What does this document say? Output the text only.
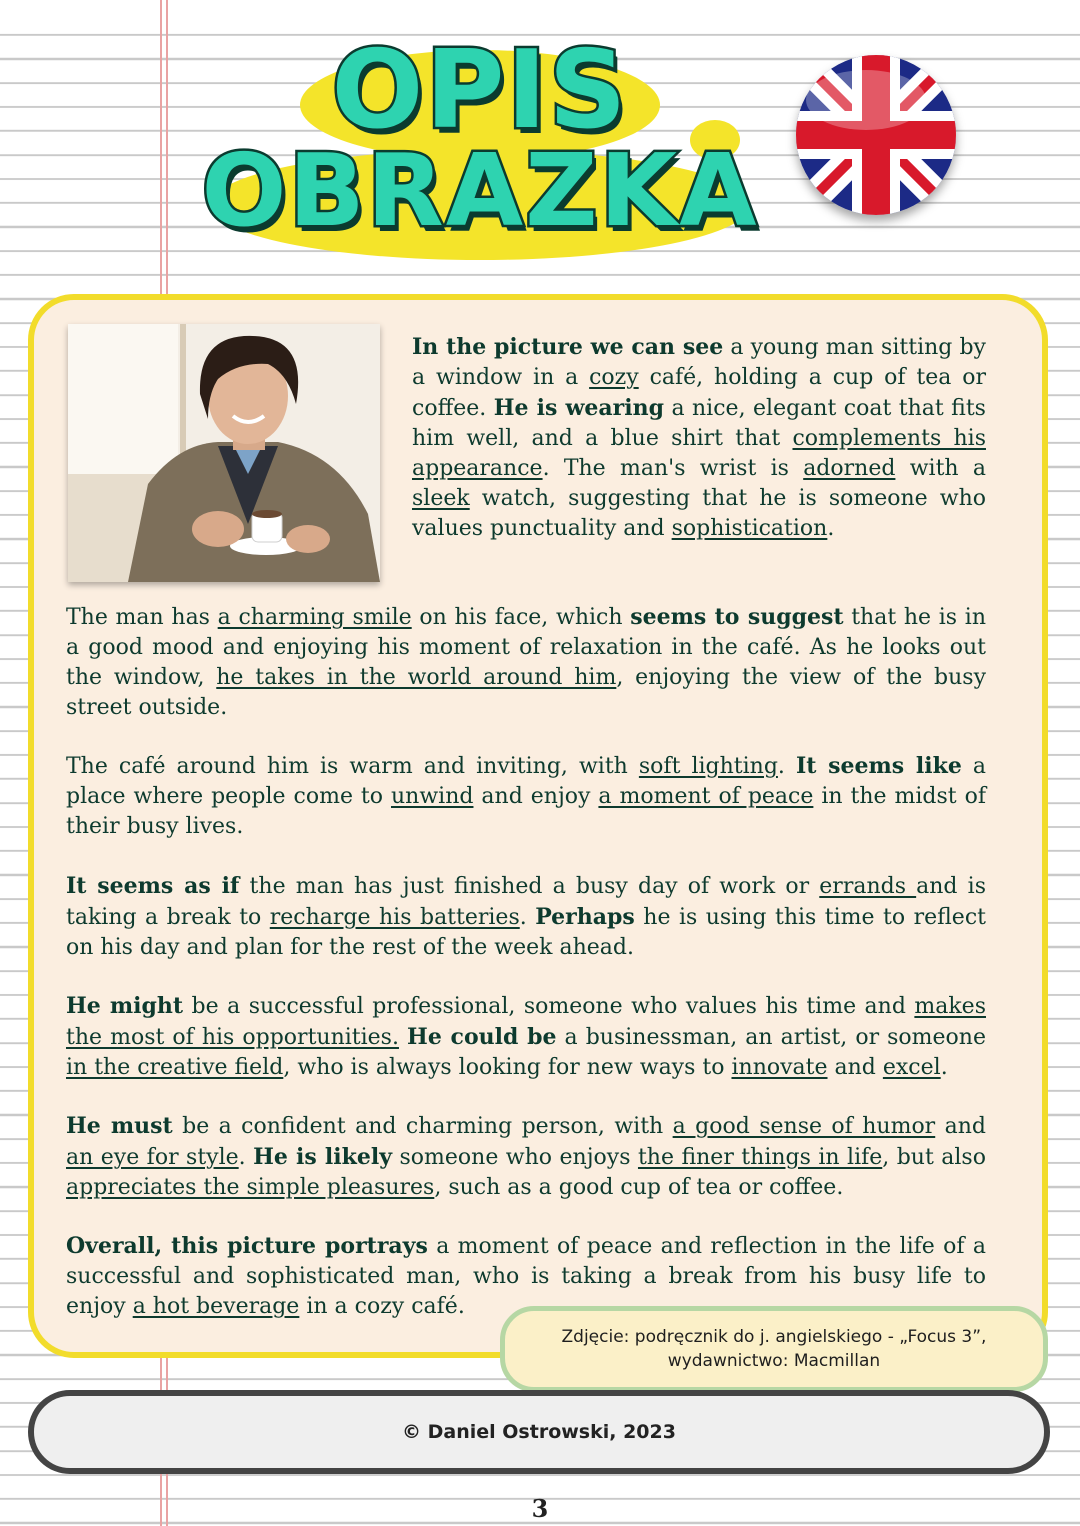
OPIS
OBRAZKA

In the picture we can see a young man sitting by a window in a cozy café, holding a cup of tea or coffee. He is wearing a nice, elegant coat that fits him well, and a blue shirt that complements his appearance. The man's wrist is adorned with a sleek watch, suggesting that he is someone who values punctuality and sophistication.

The man has a charming smile on his face, which seems to suggest that he is in a good mood and enjoying his moment of relaxation in the café. As he looks out the window, he takes in the world around him, enjoying the view of the busy street outside.

The café around him is warm and inviting, with soft lighting. It seems like a place where people come to unwind and enjoy a moment of peace in the midst of their busy lives.

It seems as if the man has just finished a busy day of work or errands and is taking a break to recharge his batteries. Perhaps he is using this time to reflect on his day and plan for the rest of the week ahead.

He might be a successful professional, someone who values his time and makes the most of his opportunities. He could be a businessman, an artist, or someone in the creative field, who is always looking for new ways to innovate and excel.

He must be a confident and charming person, with a good sense of humor and an eye for style. He is likely someone who enjoys the finer things in life, but also appreciates the simple pleasures, such as a good cup of tea or coffee.

Overall, this picture portrays a moment of peace and reflection in the life of a successful and sophisticated man, who is taking a break from his busy life to enjoy a hot beverage in a cozy café.

Zdjęcie: podręcznik do j. angielskiego - „Focus 3”,
wydawnictwo: Macmillan
© Daniel Ostrowski, 2023
3
